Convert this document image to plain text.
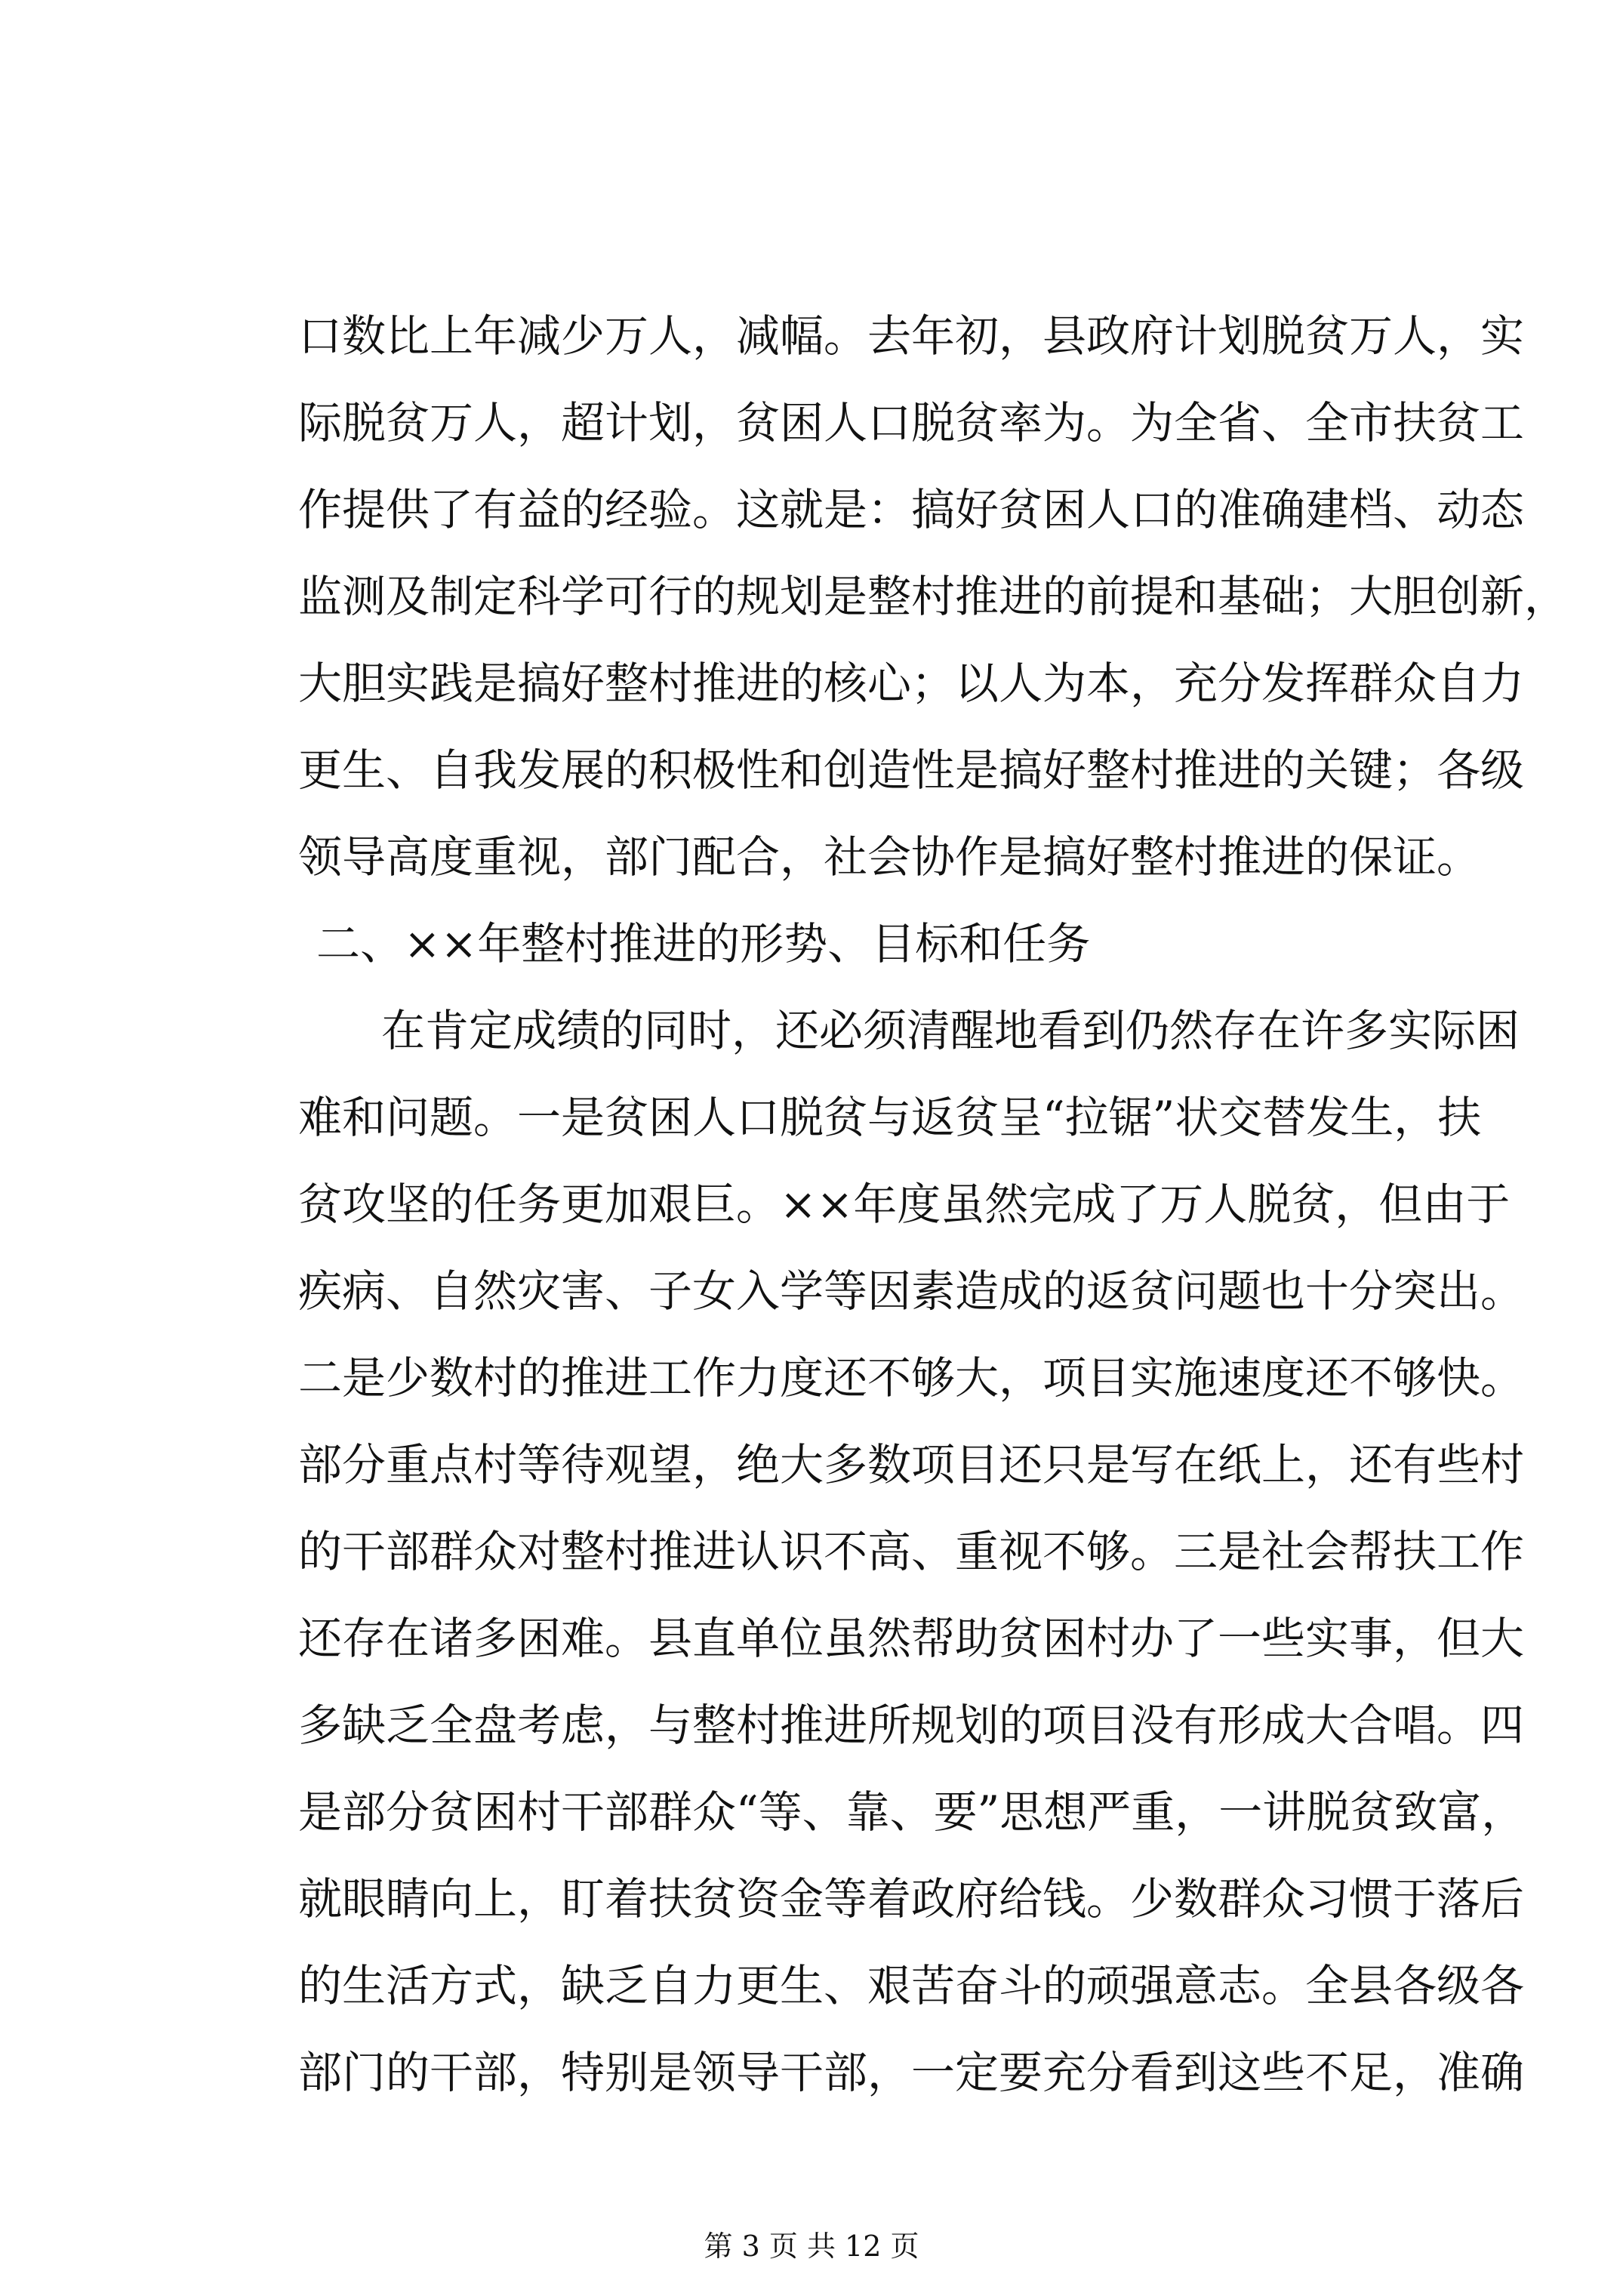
口数比上年减少万人，减幅。去年初，县政府计划脱贫万人，实
际脱贫万人，超计划，贫困人口脱贫率为。为全省、全市扶贫工
作提供了有益的经验。这就是：搞好贫困人口的准确建档、动态
监测及制定科学可行的规划是整村推进的前提和基础；大胆创新，
大胆实践是搞好整村推进的核心；以人为本，充分发挥群众自力
更生、自我发展的积极性和创造性是搞好整村推进的关键；各级
领导高度重视，部门配合，社会协作是搞好整村推进的保证。
二、××年整村推进的形势、目标和任务
在肯定成绩的同时，还必须清醒地看到仍然存在许多实际困
难和问题。一是贫困人口脱贫与返贫呈“拉锯”状交替发生，扶
贫攻坚的任务更加艰巨。××年度虽然完成了万人脱贫，但由于
疾病、自然灾害、子女入学等因素造成的返贫问题也十分突出。
二是少数村的推进工作力度还不够大，项目实施速度还不够快。
部分重点村等待观望，绝大多数项目还只是写在纸上，还有些村
的干部群众对整村推进认识不高、重视不够。三是社会帮扶工作
还存在诸多困难。县直单位虽然帮助贫困村办了一些实事，但大
多缺乏全盘考虑，与整村推进所规划的项目没有形成大合唱。四
是部分贫困村干部群众“等、靠、要”思想严重，一讲脱贫致富，
就眼睛向上，盯着扶贫资金等着政府给钱。少数群众习惯于落后
的生活方式，缺乏自力更生、艰苦奋斗的顽强意志。全县各级各
部门的干部，特别是领导干部，一定要充分看到这些不足，准确
第 3 页 共 12 页
